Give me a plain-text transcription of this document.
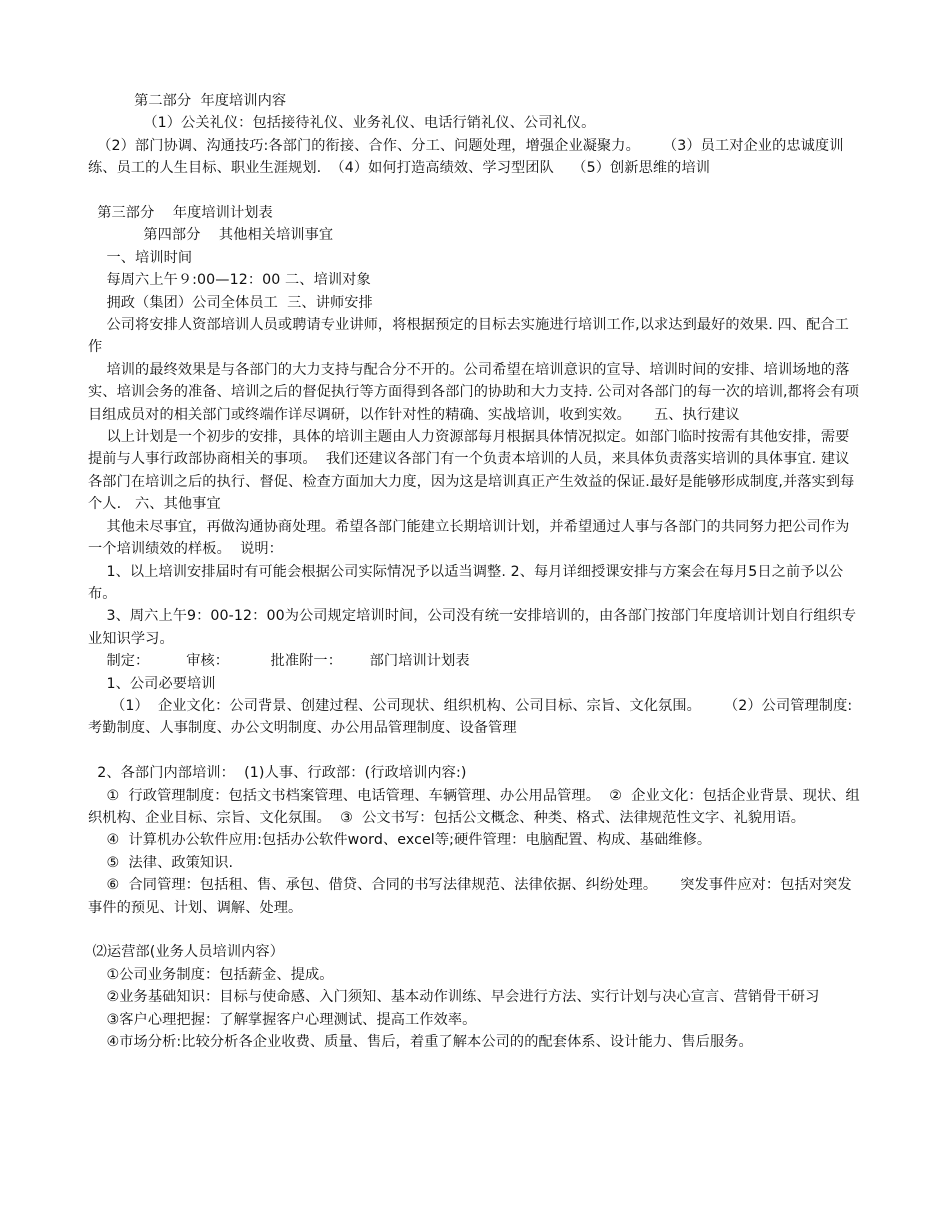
第二部分  年度培训内容

（1）公关礼仪：包括接待礼仪、业务礼仪、电话行销礼仪、公司礼仪。

（2）部门协调、沟通技巧:各部门的衔接、合作、分工、问题处理，增强企业凝聚力。     （3）员工对企业的忠诚度训练、员工的人生目标、职业生涯规划.  （4）如何打造高绩效、学习型团队    （5）创新思维的培训

第三部分    年度培训计划表

第四部分    其他相关培训事宜

一、培训时间

每周六上午９:00—12：00 二、培训对象

拥政（集团）公司全体员工  三、讲师安排

公司将安排人资部培训人员或聘请专业讲师，将根据预定的目标去实施进行培训工作,以求达到最好的效果. 四、配合工作

培训的最终效果是与各部门的大力支持与配合分不开的。公司希望在培训意识的宣导、培训时间的安排、培训场地的落实、培训会务的准备、培训之后的督促执行等方面得到各部门的协助和大力支持. 公司对各部门的每一次的培训,都将会有项目组成员对的相关部门或终端作详尽调研，以作针对性的精确、实战培训，收到实效。     五、执行建议

以上计划是一个初步的安排，具体的培训主题由人力资源部每月根据具体情况拟定。如部门临时按需有其他安排，需要提前与人事行政部协商相关的事项。  我们还建议各部门有一个负责本培训的人员，来具体负责落实培训的具体事宜. 建议各部门在培训之后的执行、督促、检查方面加大力度，因为这是培训真正产生效益的保证.最好是能够形成制度,并落实到每个人.   六、其他事宜

其他未尽事宜，再做沟通协商处理。希望各部门能建立长期培训计划，并希望通过人事与各部门的共同努力把公司作为一个培训绩效的样板。  说明：

1、以上培训安排届时有可能会根据公司实际情况予以适当调整. 2、每月详细授课安排与方案会在每月5日之前予以公布。

3、周六上午9：00-12：00为公司规定培训时间，公司没有统一安排培训的，由各部门按部门年度培训计划自行组织专业知识学习。

制定：        审核：         批准附一：      部门培训计划表

1、公司必要培训

（1）  企业文化：公司背景、创建过程、公司现状、组织机构、公司目标、宗旨、文化氛围。     （2）公司管理制度:考勤制度、人事制度、办公文明制度、办公用品管理制度、设备管理

2、各部门内部培训：  (1)人事、行政部：(行政培训内容:)

①  行政管理制度：包括文书档案管理、电话管理、车辆管理、办公用品管理。  ②  企业文化：包括企业背景、现状、组织机构、企业目标、宗旨、文化氛围。  ③  公文书写：包括公文概念、种类、格式、法律规范性文字、礼貌用语。

④  计算机办公软件应用:包括办公软件word、excel等;硬件管理：电脑配置、构成、基础维修。

⑤  法律、政策知识.

⑥  合同管理：包括租、售、承包、借贷、合同的书写法律规范、法律依据、纠纷处理。     突发事件应对：包括对突发事件的预见、计划、调解、处理。

⑵运营部(业务人员培训内容）

①公司业务制度：包括薪金、提成。

②业务基础知识：目标与使命感、入门须知、基本动作训练、早会进行方法、实行计划与决心宣言、营销骨干研习

③客户心理把握：了解掌握客户心理测试、提高工作效率。

④市场分析:比较分析各企业收费、质量、售后，着重了解本公司的的配套体系、设计能力、售后服务。
